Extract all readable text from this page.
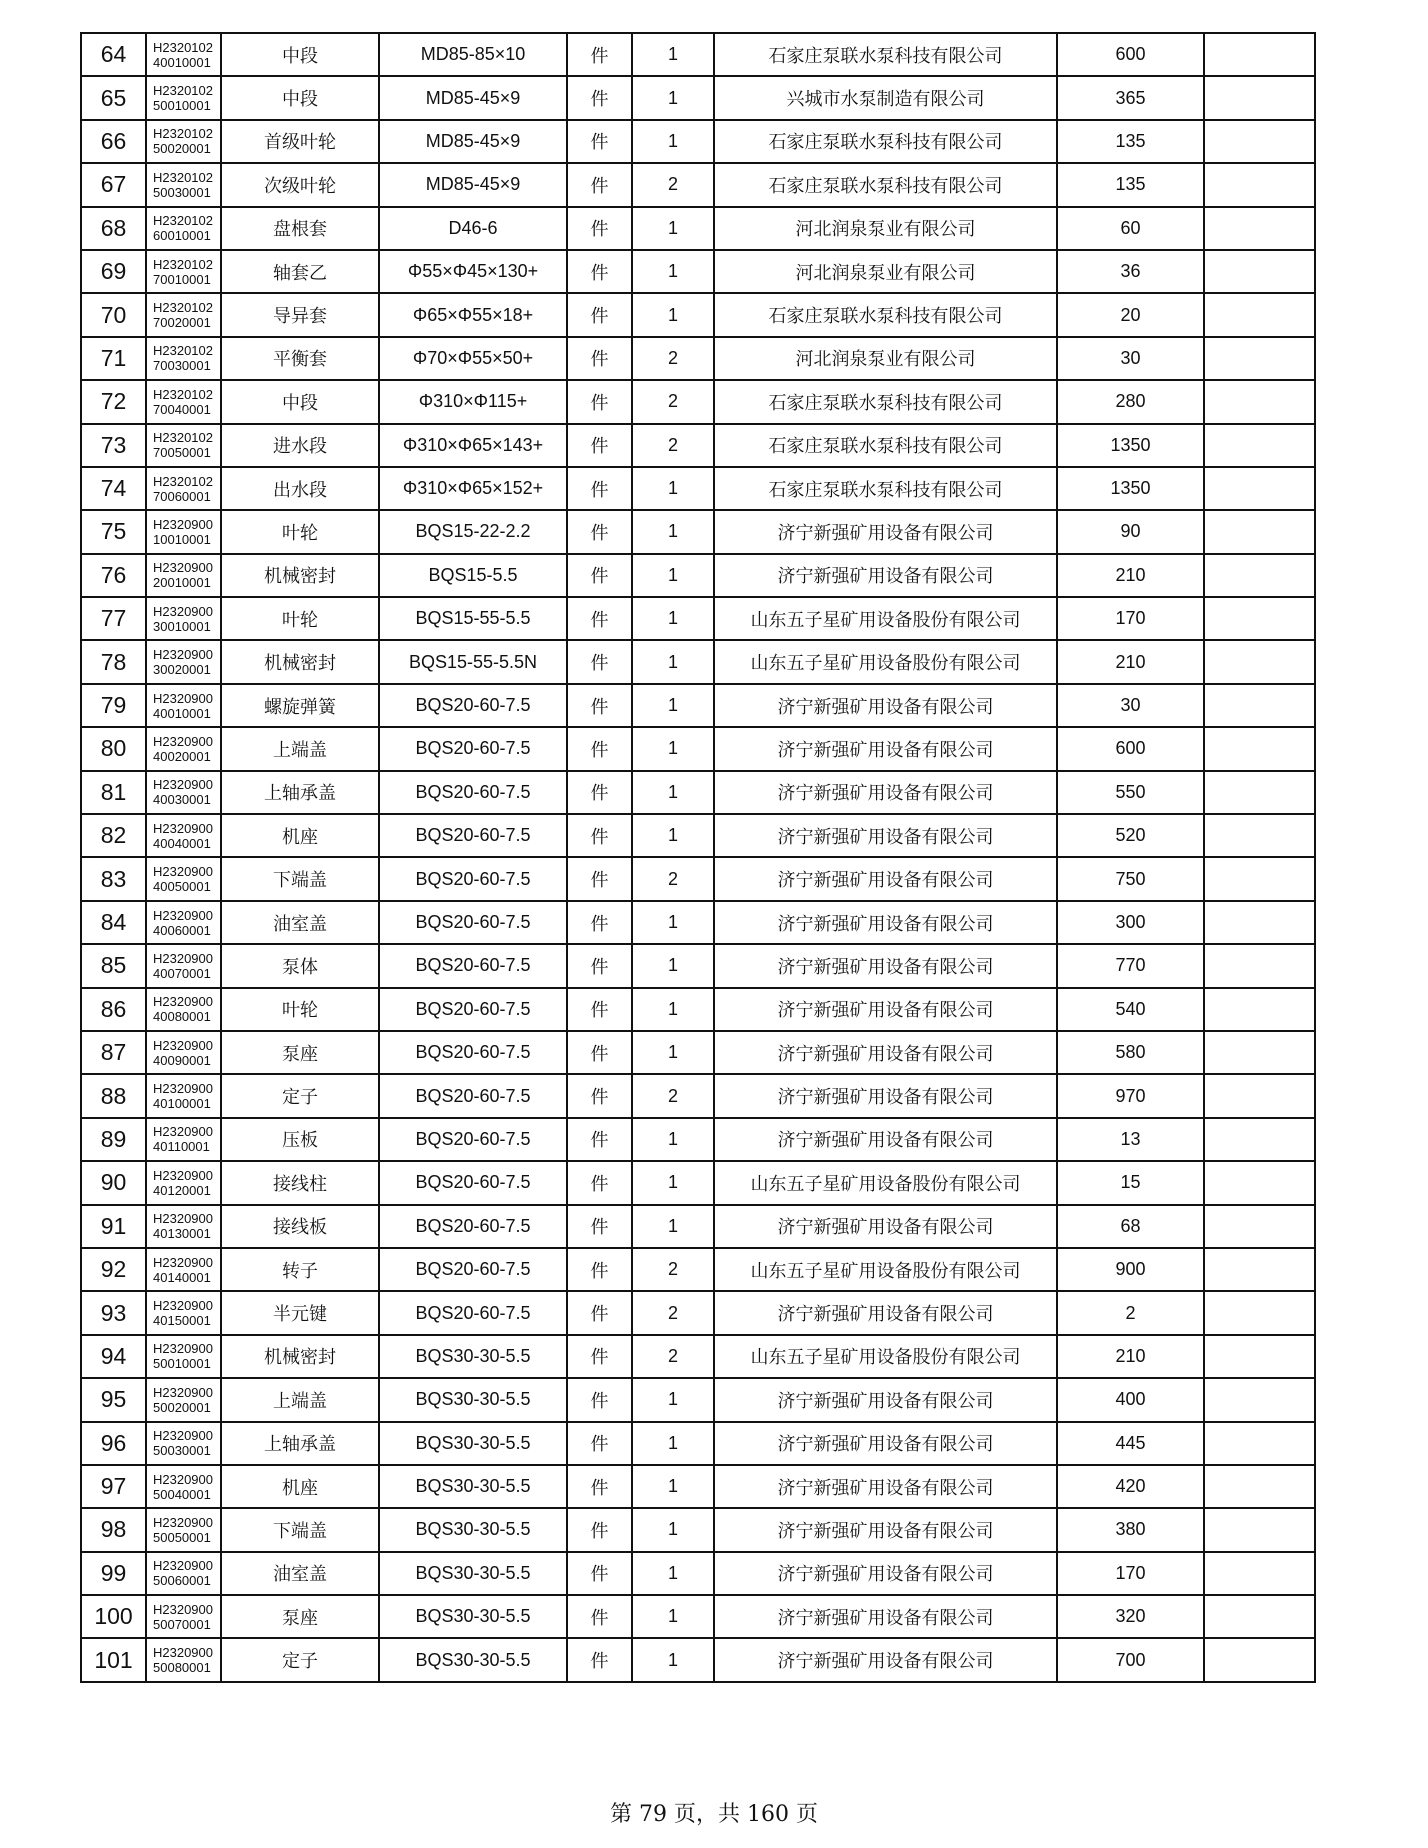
64	H232010240010001	中段	MD85-85×10	件	1	石家庄泵联水泵科技有限公司	600	
65	H232010250010001	中段	MD85-45×9	件	1	兴城市水泵制造有限公司	365	
66	H232010250020001	首级叶轮	MD85-45×9	件	1	石家庄泵联水泵科技有限公司	135	
67	H232010250030001	次级叶轮	MD85-45×9	件	2	石家庄泵联水泵科技有限公司	135	
68	H232010260010001	盘根套	D46-6	件	1	河北润泉泵业有限公司	60	
69	H232010270010001	轴套乙	Φ55×Φ45×130+	件	1	河北润泉泵业有限公司	36	
70	H232010270020001	导异套	Φ65×Φ55×18+	件	1	石家庄泵联水泵科技有限公司	20	
71	H232010270030001	平衡套	Φ70×Φ55×50+	件	2	河北润泉泵业有限公司	30	
72	H232010270040001	中段	Φ310×Φ115+	件	2	石家庄泵联水泵科技有限公司	280	
73	H232010270050001	进水段	Φ310×Φ65×143+	件	2	石家庄泵联水泵科技有限公司	1350	
74	H232010270060001	出水段	Φ310×Φ65×152+	件	1	石家庄泵联水泵科技有限公司	1350	
75	H232090010010001	叶轮	BQS15-22-2.2	件	1	济宁新强矿用设备有限公司	90	
76	H232090020010001	机械密封	BQS15-5.5	件	1	济宁新强矿用设备有限公司	210	
77	H232090030010001	叶轮	BQS15-55-5.5	件	1	山东五子星矿用设备股份有限公司	170	
78	H232090030020001	机械密封	BQS15-55-5.5N	件	1	山东五子星矿用设备股份有限公司	210	
79	H232090040010001	螺旋弹簧	BQS20-60-7.5	件	1	济宁新强矿用设备有限公司	30	
80	H232090040020001	上端盖	BQS20-60-7.5	件	1	济宁新强矿用设备有限公司	600	
81	H232090040030001	上轴承盖	BQS20-60-7.5	件	1	济宁新强矿用设备有限公司	550	
82	H232090040040001	机座	BQS20-60-7.5	件	1	济宁新强矿用设备有限公司	520	
83	H232090040050001	下端盖	BQS20-60-7.5	件	2	济宁新强矿用设备有限公司	750	
84	H232090040060001	油室盖	BQS20-60-7.5	件	1	济宁新强矿用设备有限公司	300	
85	H232090040070001	泵体	BQS20-60-7.5	件	1	济宁新强矿用设备有限公司	770	
86	H232090040080001	叶轮	BQS20-60-7.5	件	1	济宁新强矿用设备有限公司	540	
87	H232090040090001	泵座	BQS20-60-7.5	件	1	济宁新强矿用设备有限公司	580	
88	H232090040100001	定子	BQS20-60-7.5	件	2	济宁新强矿用设备有限公司	970	
89	H232090040110001	压板	BQS20-60-7.5	件	1	济宁新强矿用设备有限公司	13	
90	H232090040120001	接线柱	BQS20-60-7.5	件	1	山东五子星矿用设备股份有限公司	15	
91	H232090040130001	接线板	BQS20-60-7.5	件	1	济宁新强矿用设备有限公司	68	
92	H232090040140001	转子	BQS20-60-7.5	件	2	山东五子星矿用设备股份有限公司	900	
93	H232090040150001	半元键	BQS20-60-7.5	件	2	济宁新强矿用设备有限公司	2	
94	H232090050010001	机械密封	BQS30-30-5.5	件	2	山东五子星矿用设备股份有限公司	210	
95	H232090050020001	上端盖	BQS30-30-5.5	件	1	济宁新强矿用设备有限公司	400	
96	H232090050030001	上轴承盖	BQS30-30-5.5	件	1	济宁新强矿用设备有限公司	445	
97	H232090050040001	机座	BQS30-30-5.5	件	1	济宁新强矿用设备有限公司	420	
98	H232090050050001	下端盖	BQS30-30-5.5	件	1	济宁新强矿用设备有限公司	380	
99	H232090050060001	油室盖	BQS30-30-5.5	件	1	济宁新强矿用设备有限公司	170	
100	H232090050070001	泵座	BQS30-30-5.5	件	1	济宁新强矿用设备有限公司	320	
101	H232090050080001	定子	BQS30-30-5.5	件	1	济宁新强矿用设备有限公司	700	
第 79 页，共 160 页
